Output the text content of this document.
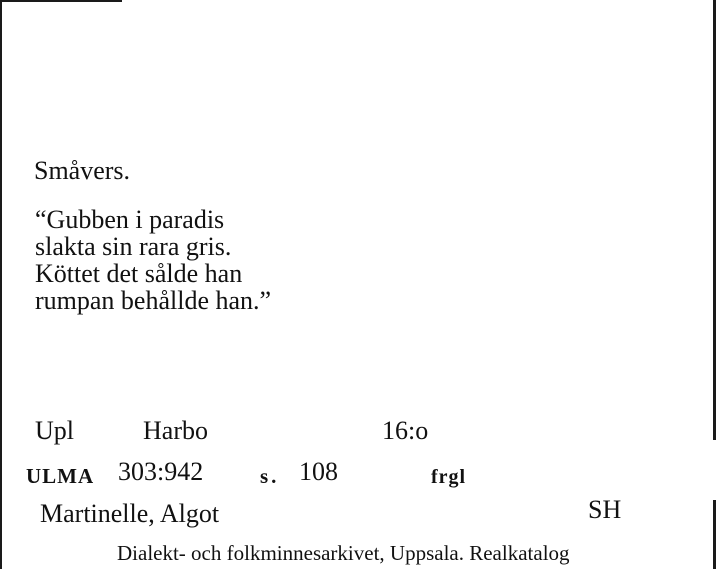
Småvers.
“Gubben i paradis
slakta sin rara gris.
Köttet det sålde han
rumpan behållde han.”
Upl	Harbo	16:o
ULMA 303:942	s. 108	frgl
Martinelle, Algot	SH
Dialekt- och folkminnesarkivet, Uppsala. Realkatalog
